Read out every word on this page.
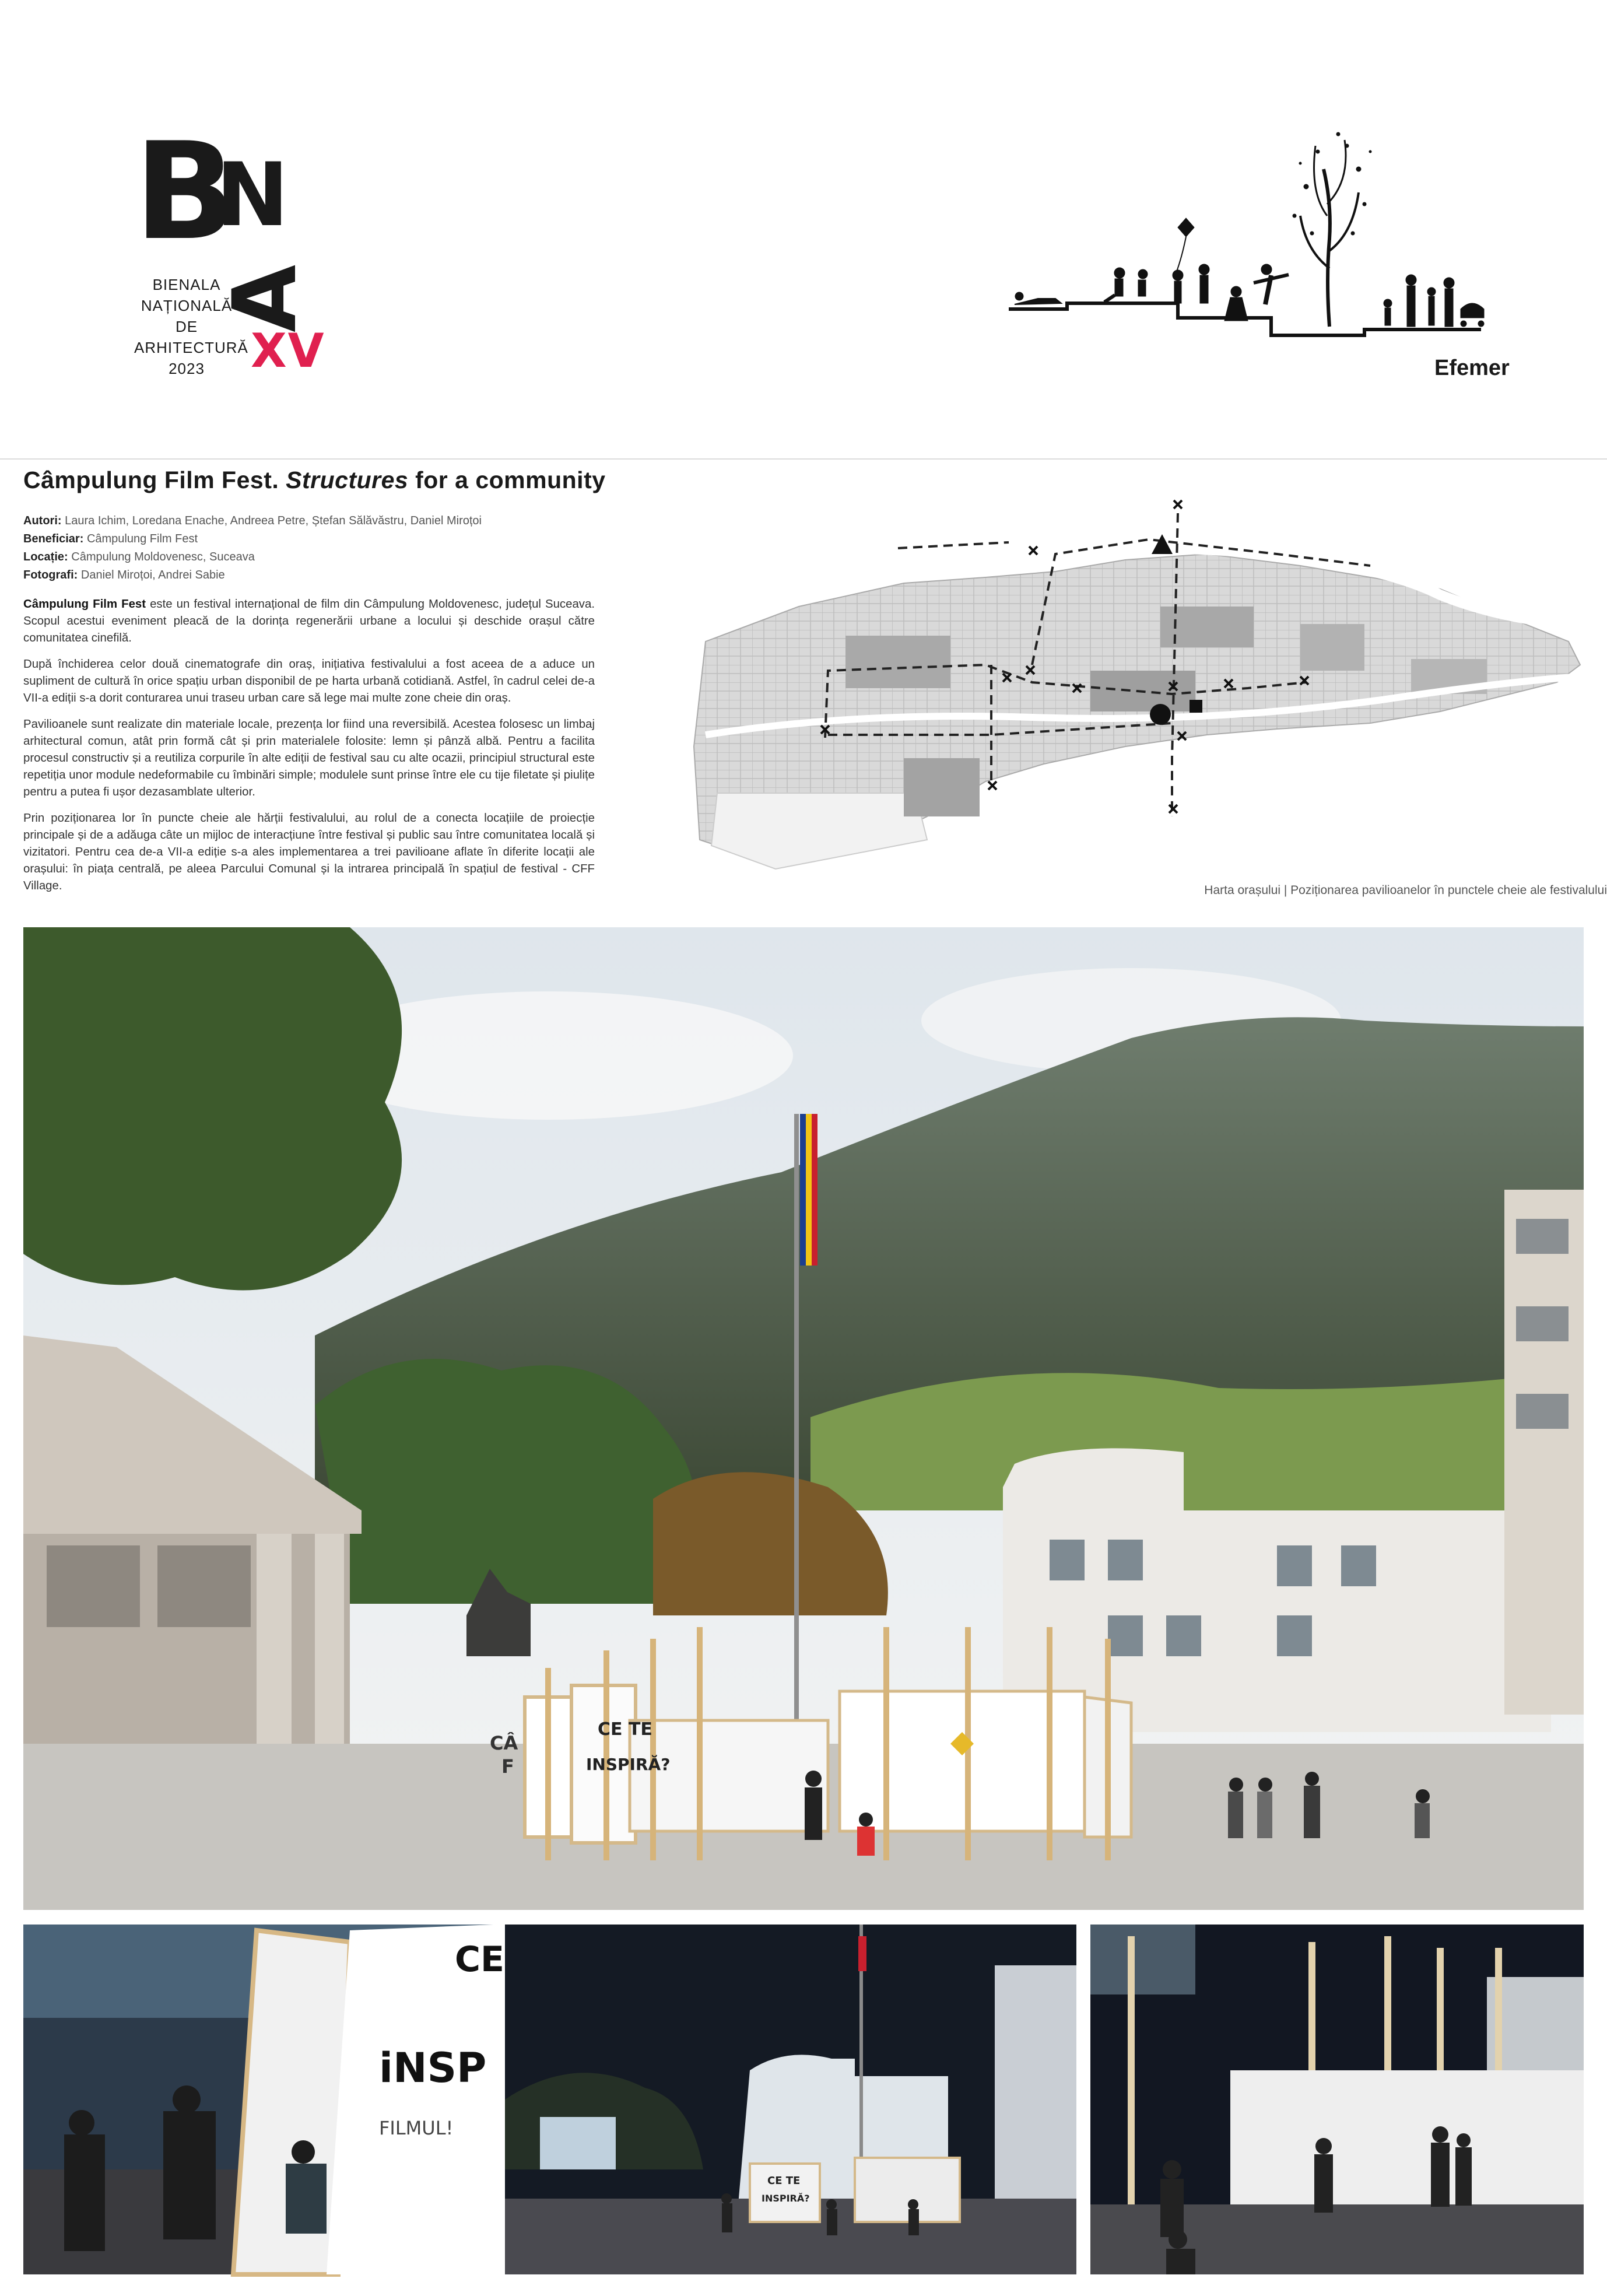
B
N
A
BIENALA
NAȚIONALĂ
DE
ARHITECTURĂ
2023 XV	Efemer
Câmpulung Film Fest. Structures for a community
Autori: Laura Ichim, Loredana Enache, Andreea Petre, Ștefan Sălăvăstru, Daniel Miroțoi
Beneficiar: Câmpulung Film Fest
Locație: Câmpulung Moldovenesc, Suceava
Fotografi: Daniel Miroțoi, Andrei Sabie

Câmpulung Film Fest este un festival internațional de film din Câmpulung Moldovenesc, județul Suceava. Scopul acestui eveniment pleacă de la dorința regenerării urbane a locului și deschide orașul către comunitatea cinefilă.

După închiderea celor două cinematografe din oraș, inițiativa festivalului a fost aceea de a aduce un supliment de cultură în orice spațiu urban disponibil de pe harta urbană cotidiană. Astfel, în cadrul celei de-a VII-a ediții s-a dorit conturarea unui traseu urban care să lege mai multe zone cheie din oraș.

Pavilioanele sunt realizate din materiale locale, prezența lor fiind una reversibilă. Acestea folosesc un limbaj arhitectural comun, atât prin formă cât și prin materialele folosite: lemn și pânză albă. Pentru a facilita procesul constructiv și a reutiliza corpurile în alte ediții de festival sau cu alte ocazii, principiul structural este repetiția unor module nedeformabile cu îmbinări simple; modulele sunt prinse între ele cu tije filetate și piulițe pentru a putea fi ușor dezasamblate ulterior.

Prin poziționarea lor în puncte cheie ale hărții festivalului, au rolul de a conecta locațiile de proiecție principale și de a adăuga câte un mijloc de interacțiune între festival și public sau între comunitatea locală și vizitatori. Pentru cea de-a VII-a ediție s-a ales implementarea a trei pavilioane aflate în diferite locații ale orașului: în piața centrală, pe aleea Parcului Comunal și la intrarea principală în spațiul de festival - CFF Village.	Harta orașului | Poziționarea pavilioanelor în punctele cheie ale festivalului
CE TE
INSPIRĂ?
CÂ
F
CE
iNSP
FILMUL!
CE TE
INSPIRĂ?
